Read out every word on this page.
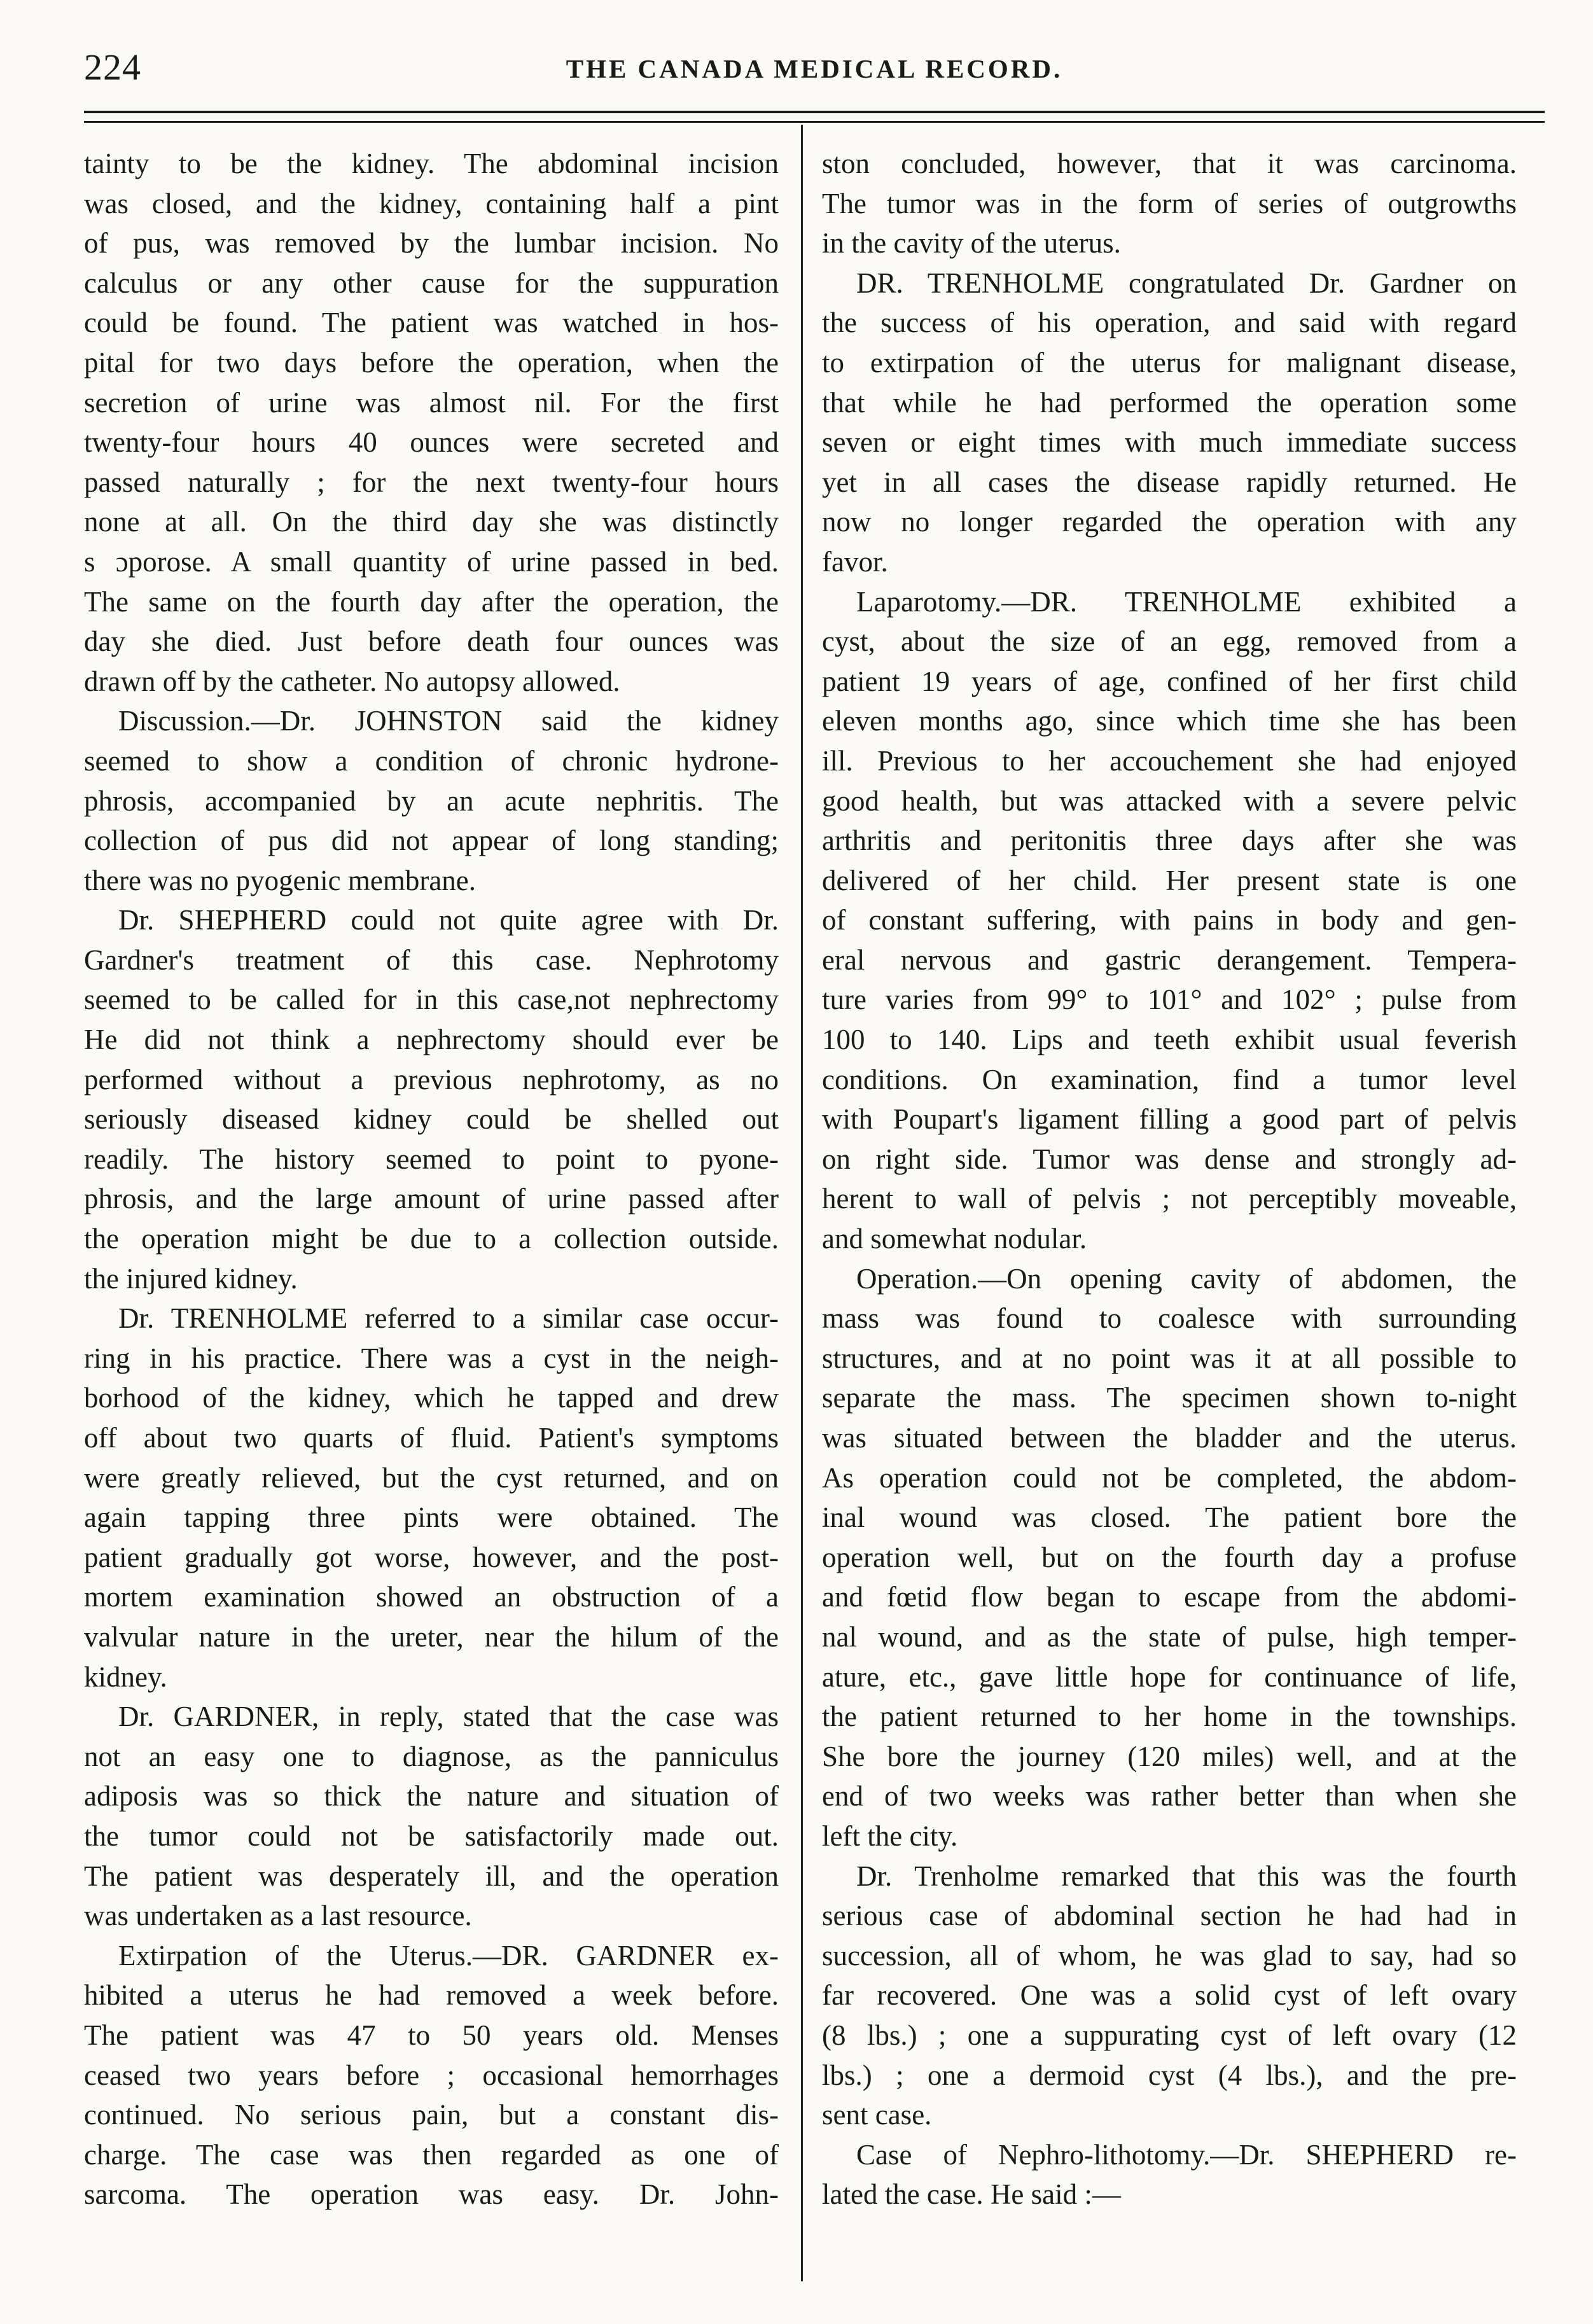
224	THE CANADA MEDICAL RECORD.
tainty to be the kidney. The abdominal incision
was closed, and the kidney, containing half a pint
of pus, was removed by the lumbar incision. No
calculus or any other cause for the suppuration
could be found. The patient was watched in hos-
pital for two days before the operation, when the
secretion of urine was almost nil. For the first
twenty-four hours 40 ounces were secreted and
passed naturally ; for the next twenty-four hours
none at all. On the third day she was distinctly
s ɔporose. A small quantity of urine passed in bed.
The same on the fourth day after the operation, the
day she died. Just before death four ounces was
drawn off by the catheter. No autopsy allowed.
Discussion.—Dr. JOHNSTON said the kidney
seemed to show a condition of chronic hydrone-
phrosis, accompanied by an acute nephritis. The
collection of pus did not appear of long standing;
there was no pyogenic membrane.
Dr. SHEPHERD could not quite agree with Dr.
Gardner's treatment of this case. Nephrotomy
seemed to be called for in this case,not nephrectomy
He did not think a nephrectomy should ever be
performed without a previous nephrotomy, as no
seriously diseased kidney could be shelled out
readily. The history seemed to point to pyone-
phrosis, and the large amount of urine passed after
the operation might be due to a collection outside.
the injured kidney.
Dr. TRENHOLME referred to a similar case occur-
ring in his practice. There was a cyst in the neigh-
borhood of the kidney, which he tapped and drew
off about two quarts of fluid. Patient's symptoms
were greatly relieved, but the cyst returned, and on
again tapping three pints were obtained. The
patient gradually got worse, however, and the post-
mortem examination showed an obstruction of a
valvular nature in the ureter, near the hilum of the
kidney.
Dr. GARDNER, in reply, stated that the case was
not an easy one to diagnose, as the panniculus
adiposis was so thick the nature and situation of
the tumor could not be satisfactorily made out.
The patient was desperately ill, and the operation
was undertaken as a last resource.
Extirpation of the Uterus.—DR. GARDNER ex-
hibited a uterus he had removed a week before.
The patient was 47 to 50 years old. Menses
ceased two years before ; occasional hemorrhages
continued. No serious pain, but a constant dis-
charge. The case was then regarded as one of
sarcoma. The operation was easy. Dr. John-
ston concluded, however, that it was carcinoma.
The tumor was in the form of series of outgrowths
in the cavity of the uterus.
DR. TRENHOLME congratulated Dr. Gardner on
the success of his operation, and said with regard
to extirpation of the uterus for malignant disease,
that while he had performed the operation some
seven or eight times with much immediate success
yet in all cases the disease rapidly returned. He
now no longer regarded the operation with any
favor.
Laparotomy.—DR. TRENHOLME exhibited a
cyst, about the size of an egg, removed from a
patient 19 years of age, confined of her first child
eleven months ago, since which time she has been
ill. Previous to her accouchement she had enjoyed
good health, but was attacked with a severe pelvic
arthritis and peritonitis three days after she was
delivered of her child. Her present state is one
of constant suffering, with pains in body and gen-
eral nervous and gastric derangement. Tempera-
ture varies from 99° to 101° and 102° ; pulse from
100 to 140. Lips and teeth exhibit usual feverish
conditions. On examination, find a tumor level
with Poupart's ligament filling a good part of pelvis
on right side. Tumor was dense and strongly ad-
herent to wall of pelvis ; not perceptibly moveable,
and somewhat nodular.
Operation.—On opening cavity of abdomen, the
mass was found to coalesce with surrounding
structures, and at no point was it at all possible to
separate the mass. The specimen shown to-night
was situated between the bladder and the uterus.
As operation could not be completed, the abdom-
inal wound was closed. The patient bore the
operation well, but on the fourth day a profuse
and fœtid flow began to escape from the abdomi-
nal wound, and as the state of pulse, high temper-
ature, etc., gave little hope for continuance of life,
the patient returned to her home in the townships.
She bore the journey (120 miles) well, and at the
end of two weeks was rather better than when she
left the city.
Dr. Trenholme remarked that this was the fourth
serious case of abdominal section he had had in
succession, all of whom, he was glad to say, had so
far recovered. One was a solid cyst of left ovary
(8 lbs.) ; one a suppurating cyst of left ovary (12
lbs.) ; one a dermoid cyst (4 lbs.), and the pre-
sent case.
Case of Nephro-lithotomy.—Dr. SHEPHERD re-
lated the case. He said :—
